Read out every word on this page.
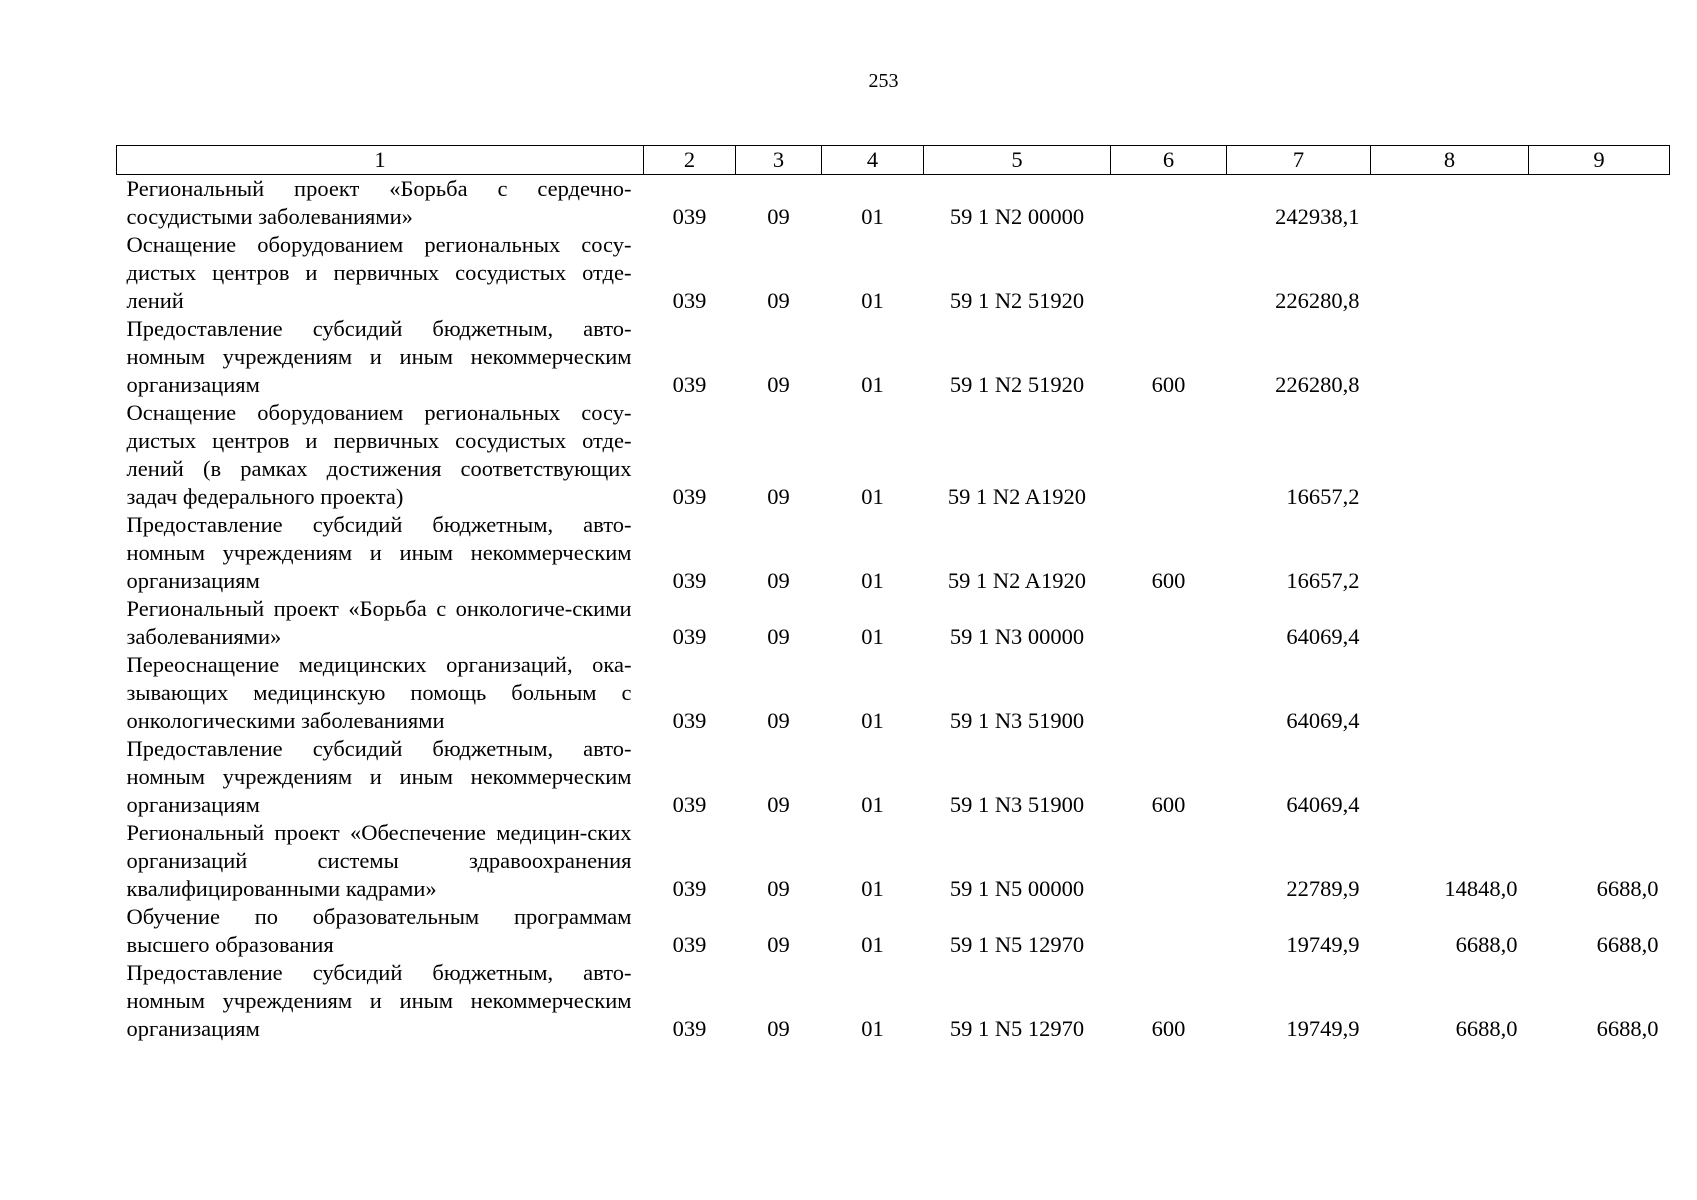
253
1	2	3	4	5	6	7	8	9
Региональный проект «Борьба с сердечно-сосудистыми заболеваниями»	039	09	01	59 1 N2 00000		242938,1		
Оснащение оборудованием региональных сосу-дистых центров и первичных сосудистых отде-лений	039	09	01	59 1 N2 51920		226280,8		
Предоставление субсидий бюджетным, авто-номным учреждениям и иным некоммерческим организациям	039	09	01	59 1 N2 51920	600	226280,8		
Оснащение оборудованием региональных сосу-дистых центров и первичных сосудистых отде-лений (в рамках достижения соответствующих задач федерального проекта)	039	09	01	59 1 N2 A1920		16657,2		
Предоставление субсидий бюджетным, авто-номным учреждениям и иным некоммерческим организациям	039	09	01	59 1 N2 A1920	600	16657,2		
Региональный проект «Борьба с онкологиче-скими заболеваниями»	039	09	01	59 1 N3 00000		64069,4		
Переоснащение медицинских организаций, ока-зывающих медицинскую помощь больным с онкологическими заболеваниями	039	09	01	59 1 N3 51900		64069,4		
Предоставление субсидий бюджетным, авто-номным учреждениям и иным некоммерческим организациям	039	09	01	59 1 N3 51900	600	64069,4		
Региональный проект «Обеспечение медицин-ских организаций системы здравоохранения квалифицированными кадрами»	039	09	01	59 1 N5 00000		22789,9	14848,0	6688,0
Обучение по образовательным программам высшего образования	039	09	01	59 1 N5 12970		19749,9	6688,0	6688,0
Предоставление субсидий бюджетным, авто-номным учреждениям и иным некоммерческим организациям	039	09	01	59 1 N5 12970	600	19749,9	6688,0	6688,0
